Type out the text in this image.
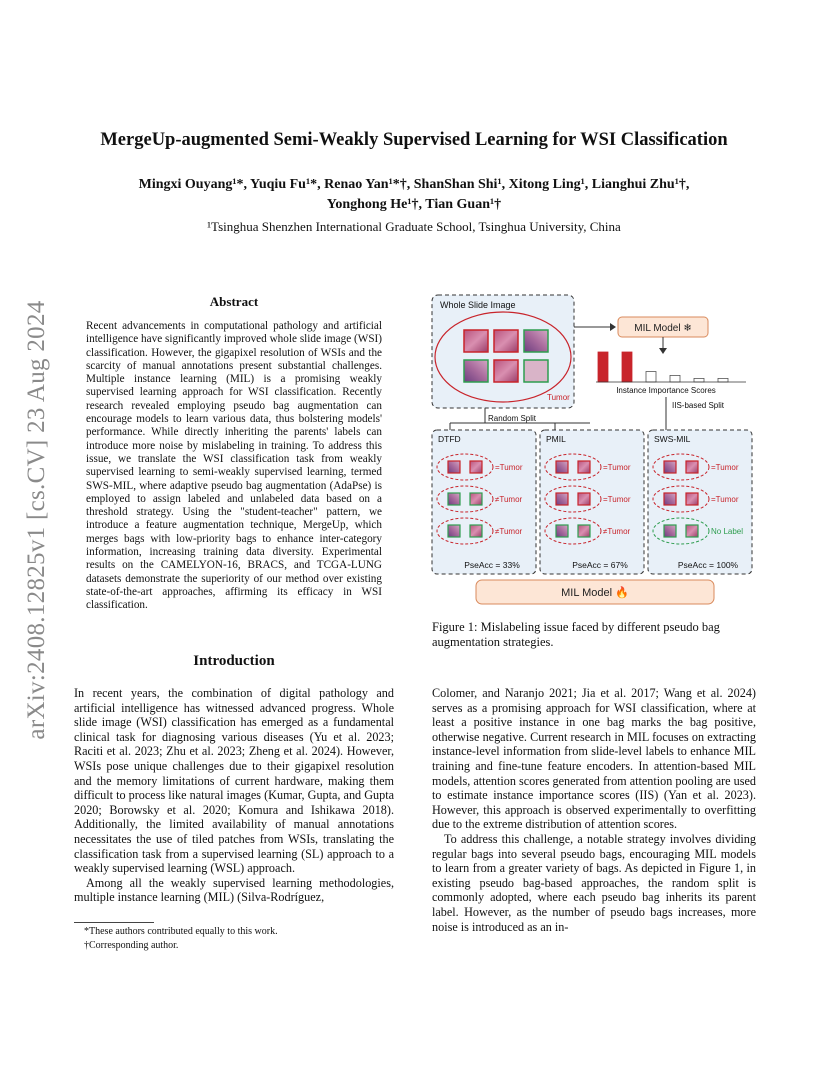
arXiv:2408.12825v1 [cs.CV] 23 Aug 2024
MergeUp-augmented Semi-Weakly Supervised Learning for WSI Classification
Mingxi Ouyang¹*, Yuqiu Fu¹*, Renao Yan¹*†, ShanShan Shi¹, Xitong Ling¹, Lianghui Zhu¹†,
Yonghong He¹†, Tian Guan¹†
¹Tsinghua Shenzhen International Graduate School, Tsinghua University, China
Abstract
Recent advancements in computational pathology and artificial intelligence have significantly improved whole slide image (WSI) classification. However, the gigapixel resolution of WSIs and the scarcity of manual annotations present substantial challenges. Multiple instance learning (MIL) is a promising weakly supervised learning approach for WSI classification. Recently research revealed employing pseudo bag augmentation can encourage models to learn various data, thus bolstering models' performance. While directly inheriting the parents' labels can introduce more noise by mislabeling in training. To address this issue, we translate the WSI classification task from weakly supervised learning to semi-weakly supervised learning, termed SWS-MIL, where adaptive pseudo bag augmentation (AdaPse) is employed to assign labeled and unlabeled data based on a threshold strategy. Using the "student-teacher" pattern, we introduce a feature augmentation technique, MergeUp, which merges bags with low-priority bags to enhance inter-category information, increasing training data diversity. Experimental results on the CAMELYON-16, BRACS, and TCGA-LUNG datasets demonstrate the superiority of our method over existing state-of-the-art approaches, affirming its efficacy in WSI classification.
Introduction

In recent years, the combination of digital pathology and artificial intelligence has witnessed advanced progress. Whole slide image (WSI) classification has emerged as a fundamental clinical task for diagnosing various diseases (Yu et al. 2023; Raciti et al. 2023; Zhu et al. 2023; Zheng et al. 2024). However, WSIs pose unique challenges due to their gigapixel resolution and the memory limitations of current hardware, making them difficult to process like natural images (Kumar, Gupta, and Gupta 2020; Borowsky et al. 2020; Komura and Ishikawa 2018). Additionally, the limited availability of manual annotations necessitates the use of tiled patches from WSIs, translating the classification task from a supervised learning (SL) approach to a weakly supervised learning (WSL) approach.

Among all the weakly supervised learning methodologies, multiple instance learning (MIL) (Silva-Rodríguez,

*These authors contributed equally to this work.
†Corresponding author.
Whole Slide Image
Tumor
MIL Model ❄
Instance Importance Scores
IIS-based Split
Random Split
DTFD
=Tumor
≠Tumor
≠Tumor
PseAcc = 33%
PMIL
=Tumor
=Tumor
≠Tumor
PseAcc = 67%
SWS-MIL
=Tumor
=Tumor
No Label
PseAcc = 100%
MIL Model 🔥
Figure 1: Mislabeling issue faced by different pseudo bag augmentation strategies.

Colomer, and Naranjo 2021; Jia et al. 2017; Wang et al. 2024) serves as a promising approach for WSI classification, where at least a positive instance in one bag marks the bag positive, otherwise negative. Current research in MIL focuses on extracting instance-level information from slide-level labels to enhance MIL training and fine-tune feature encoders. In attention-based MIL models, attention scores generated from attention pooling are used to estimate instance importance scores (IIS) (Yan et al. 2023). However, this approach is observed experimentally to overfitting due to the extreme distribution of attention scores.

To address this challenge, a notable strategy involves dividing regular bags into several pseudo bags, encouraging MIL models to learn from a greater variety of bags. As depicted in Figure 1, in existing pseudo bag-based approaches, the random split is commonly adopted, where each pseudo bag inherits its parent label. However, as the number of pseudo bags increases, more noise is introduced as an in-
